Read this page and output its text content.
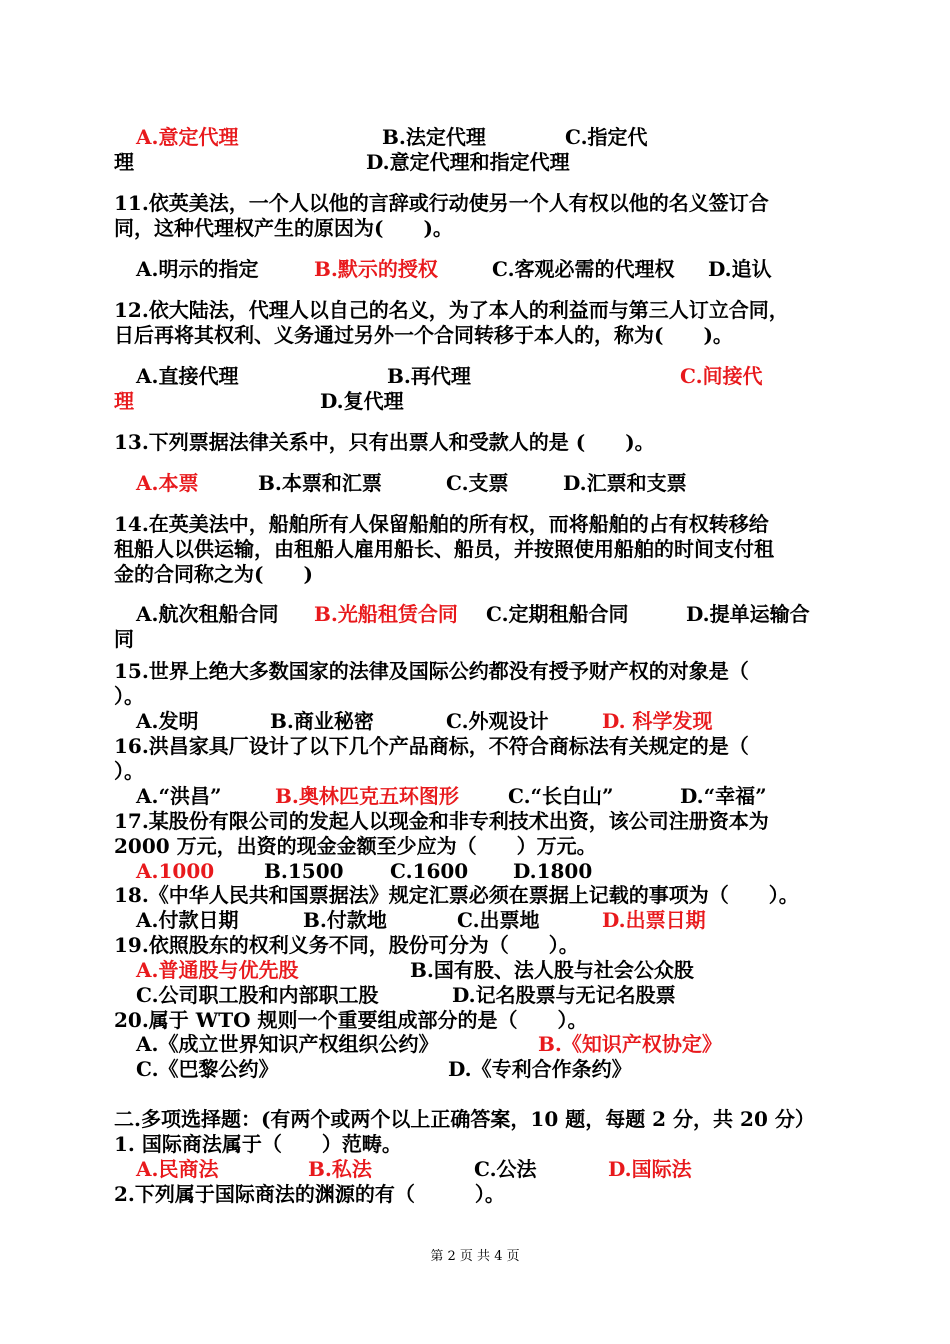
A.意定代理	B.法定代理	C.指定代
理	D.意定代理和指定代理
11.依英美法，一个人以他的言辞或行动使另一个人有权以他的名义签订合
同，这种代理权产生的原因为(　　)。
A.明示的指定	B.默示的授权	C.客观必需的代理权 D.追认
12.依大陆法，代理人以自己的名义，为了本人的利益而与第三人订立合同，
日后再将其权利、义务通过另外一个合同转移于本人的，称为(　　)。
A.直接代理	B.再代理	C.间接代
理	D.复代理
13.下列票据法律关系中，只有出票人和受款人的是 (　　)。
A.本票	B.本票和汇票	C.支票	D.汇票和支票
14.在英美法中，船舶所有人保留船舶的所有权，而将船舶的占有权转移给
租船人以供运输，由租船人雇用船长、船员，并按照使用船舶的时间支付租
金的合同称之为(　　)
A.航次租船合同 B.光船租赁合同 C.定期租船合同	D.提单运输合
同
15.世界上绝大多数国家的法律及国际公约都没有授予财产权的对象是（
）。
A.发明	B.商业秘密	C.外观设计	D. 科学发现
16.洪昌家具厂设计了以下几个产品商标，不符合商标法有关规定的是（
）。
A.“洪昌”	B.奥林匹克五环图形 C.“长白山”	D.“幸福”
17.某股份有限公司的发起人以现金和非专利技术出资，该公司注册资本为
2000 万元，出资的现金金额至少应为（　　）万元。
A.1000 B.1500 C.1600 D.1800
18.《中华人民共和国票据法》规定汇票必须在票据上记载的事项为（　　）。
A.付款日期	B.付款地	C.出票地	D.出票日期
19.依照股东的权利义务不同，股份可分为（　　）。
A.普通股与优先股	B.国有股、法人股与社会公众股
C.公司职工股和内部职工股	D.记名股票与无记名股票
20.属于 WTO 规则一个重要组成部分的是（　　）。
A.《成立世界知识产权组织公约》	B.《知识产权协定》
C.《巴黎公约》	D.《专利合作条约》
二.多项选择题：(有两个或两个以上正确答案，10 题，每题 2 分，共 20 分）
1. 国际商法属于（　　）范畴。
A.民商法	B.私法	C.公法	D.国际法
2.下列属于国际商法的渊源的有（　　　）。
第 2 页 共 4 页
